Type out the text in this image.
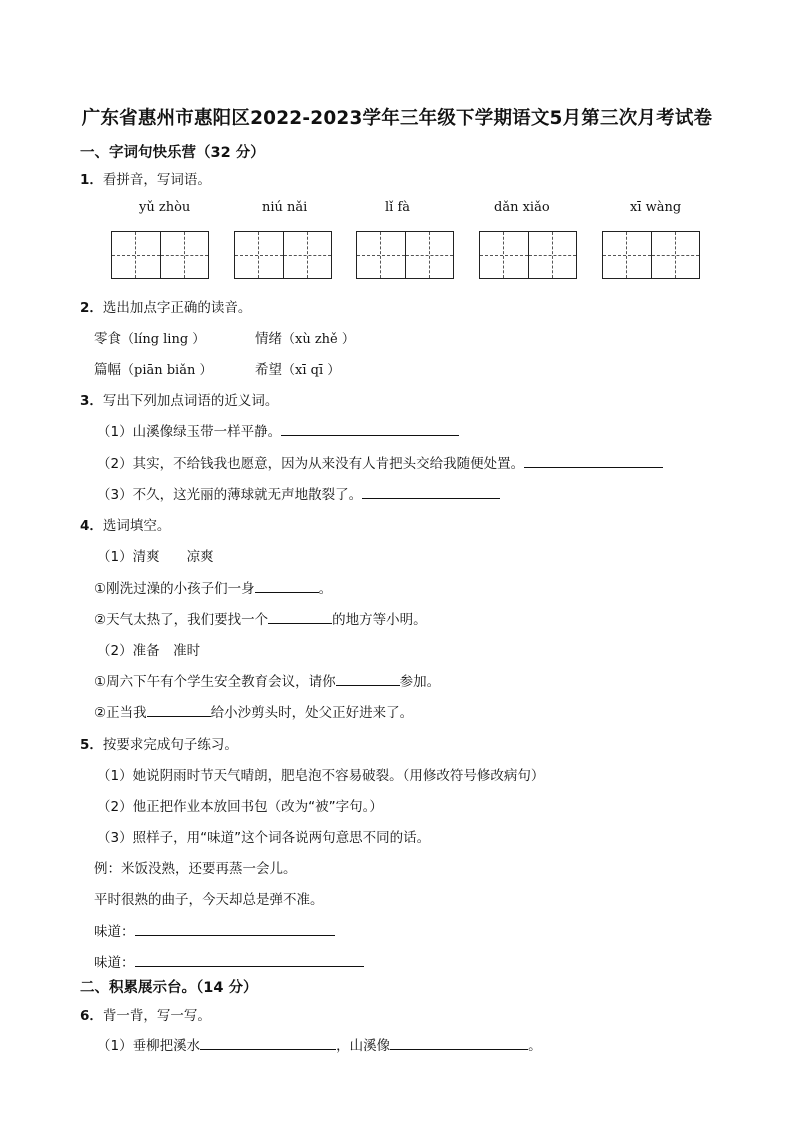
广东省惠州市惠阳区2022-2023学年三年级下学期语文5月第三次月考试卷
一、字词句快乐营（32 分）
1．看拼音，写词语。
yǔ zhòu	niú nǎi	lǐ fà	dǎn xiǎo	xī wàng
2．选出加点字正确的读音。
零食（líng ling ）	情绪（xù zhě ）
篇幅（piān biǎn ）	希望（xī qī ）
3．写出下列加点词语的近义词。
（1）山溪像绿玉带一样平静。
（2）其实，不给钱我也愿意，因为从来没有人肯把头交给我随便处置。
（3）不久，这光丽的薄球就无声地散裂了。
4．选词填空。
（1）清爽　　凉爽
①刚洗过澡的小孩子们一身	。
②天气太热了，我们要找一个	的地方等小明。
（2）准备　准时
①周六下午有个学生安全教育会议，请你	参加。
②正当我	给小沙剪头时，处父正好进来了。
5．按要求完成句子练习。
（1）她说阴雨时节天气晴朗，肥皂泡不容易破裂。（用修改符号修改病句）
（2）他正把作业本放回书包（改为“被”字句。）
（3）照样子，用“味道”这个词各说两句意思不同的话。
例：米饭没熟，还要再蒸一会儿。
平时很熟的曲子，今天却总是弹不准。
味道：
味道：
二、积累展示台。（14 分）
6．背一背，写一写。
（1）垂柳把溪水	，山溪像	。
